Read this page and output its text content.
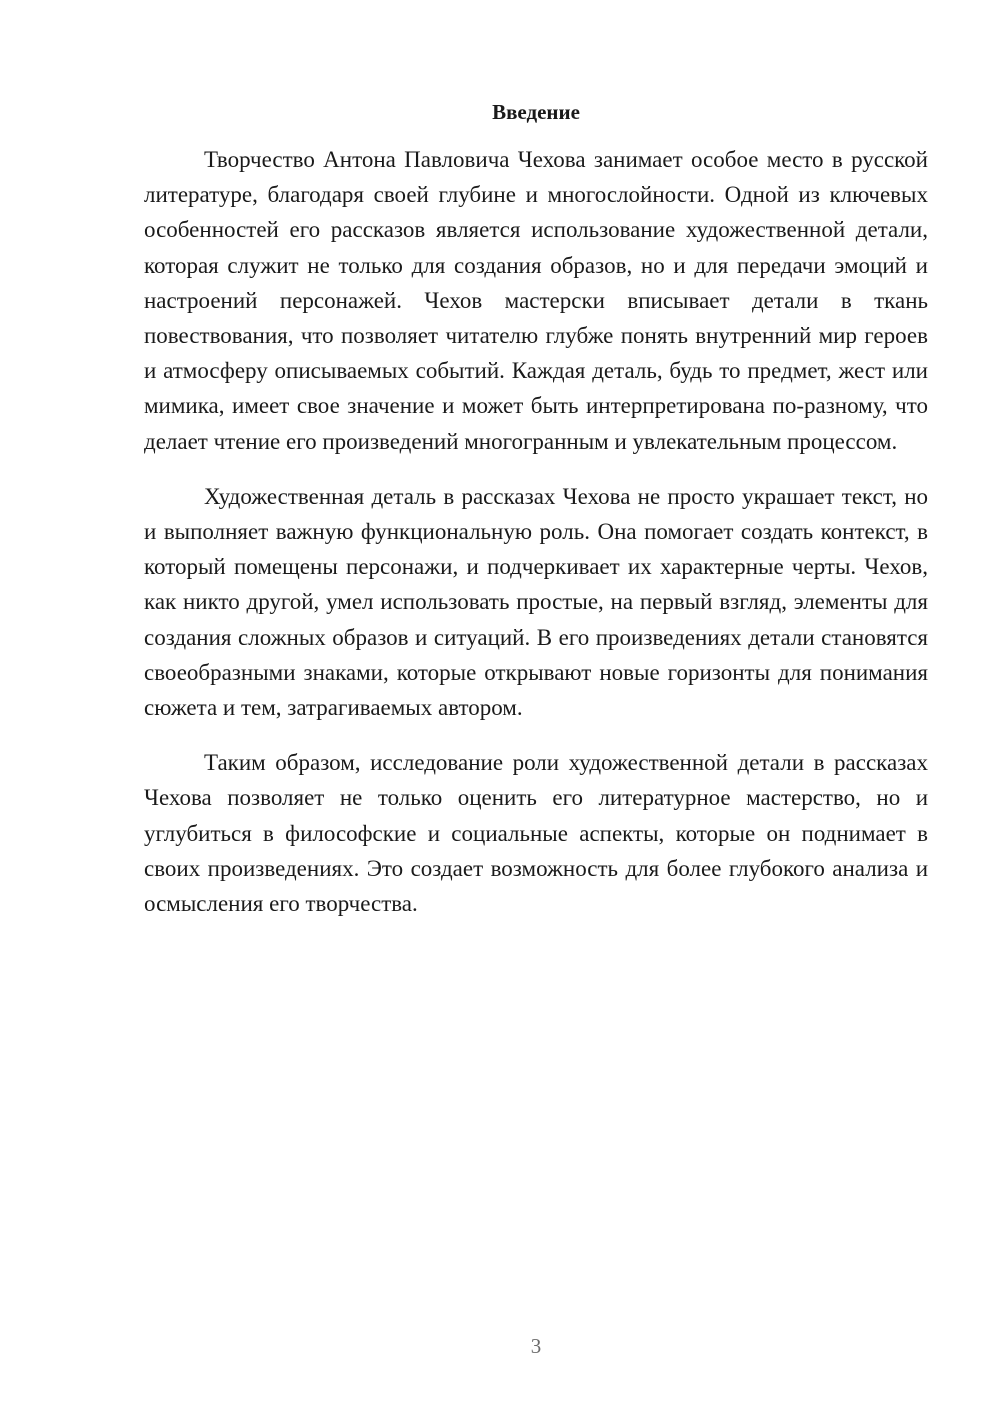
Введение

Творчество Антона Павловича Чехова занимает особое место в русской литературе, благодаря своей глубине и многослойности. Одной из ключевых особенностей его рассказов является использование художественной детали, которая служит не только для создания образов, но и для передачи эмоций и настроений персонажей. Чехов мастерски вписывает детали в ткань повествования, что позволяет читателю глубже понять внутренний мир героев и атмосферу описываемых событий. Каждая деталь, будь то предмет, жест или мимика, имеет свое значение и может быть интерпретирована по-разному, что делает чтение его произведений многогранным и увлекательным процессом.

Художественная деталь в рассказах Чехова не просто украшает текст, но и выполняет важную функциональную роль. Она помогает создать контекст, в который помещены персонажи, и подчеркивает их характерные черты. Чехов, как никто другой, умел использовать простые, на первый взгляд, элементы для создания сложных образов и ситуаций. В его произведениях детали становятся своеобразными знаками, которые открывают новые горизонты для понимания сюжета и тем, затрагиваемых автором.

Таким образом, исследование роли художественной детали в рассказах Чехова позволяет не только оценить его литературное мастерство, но и углубиться в философские и социальные аспекты, которые он поднимает в своих произведениях. Это создает возможность для более глубокого анализа и осмысления его творчества.

3
